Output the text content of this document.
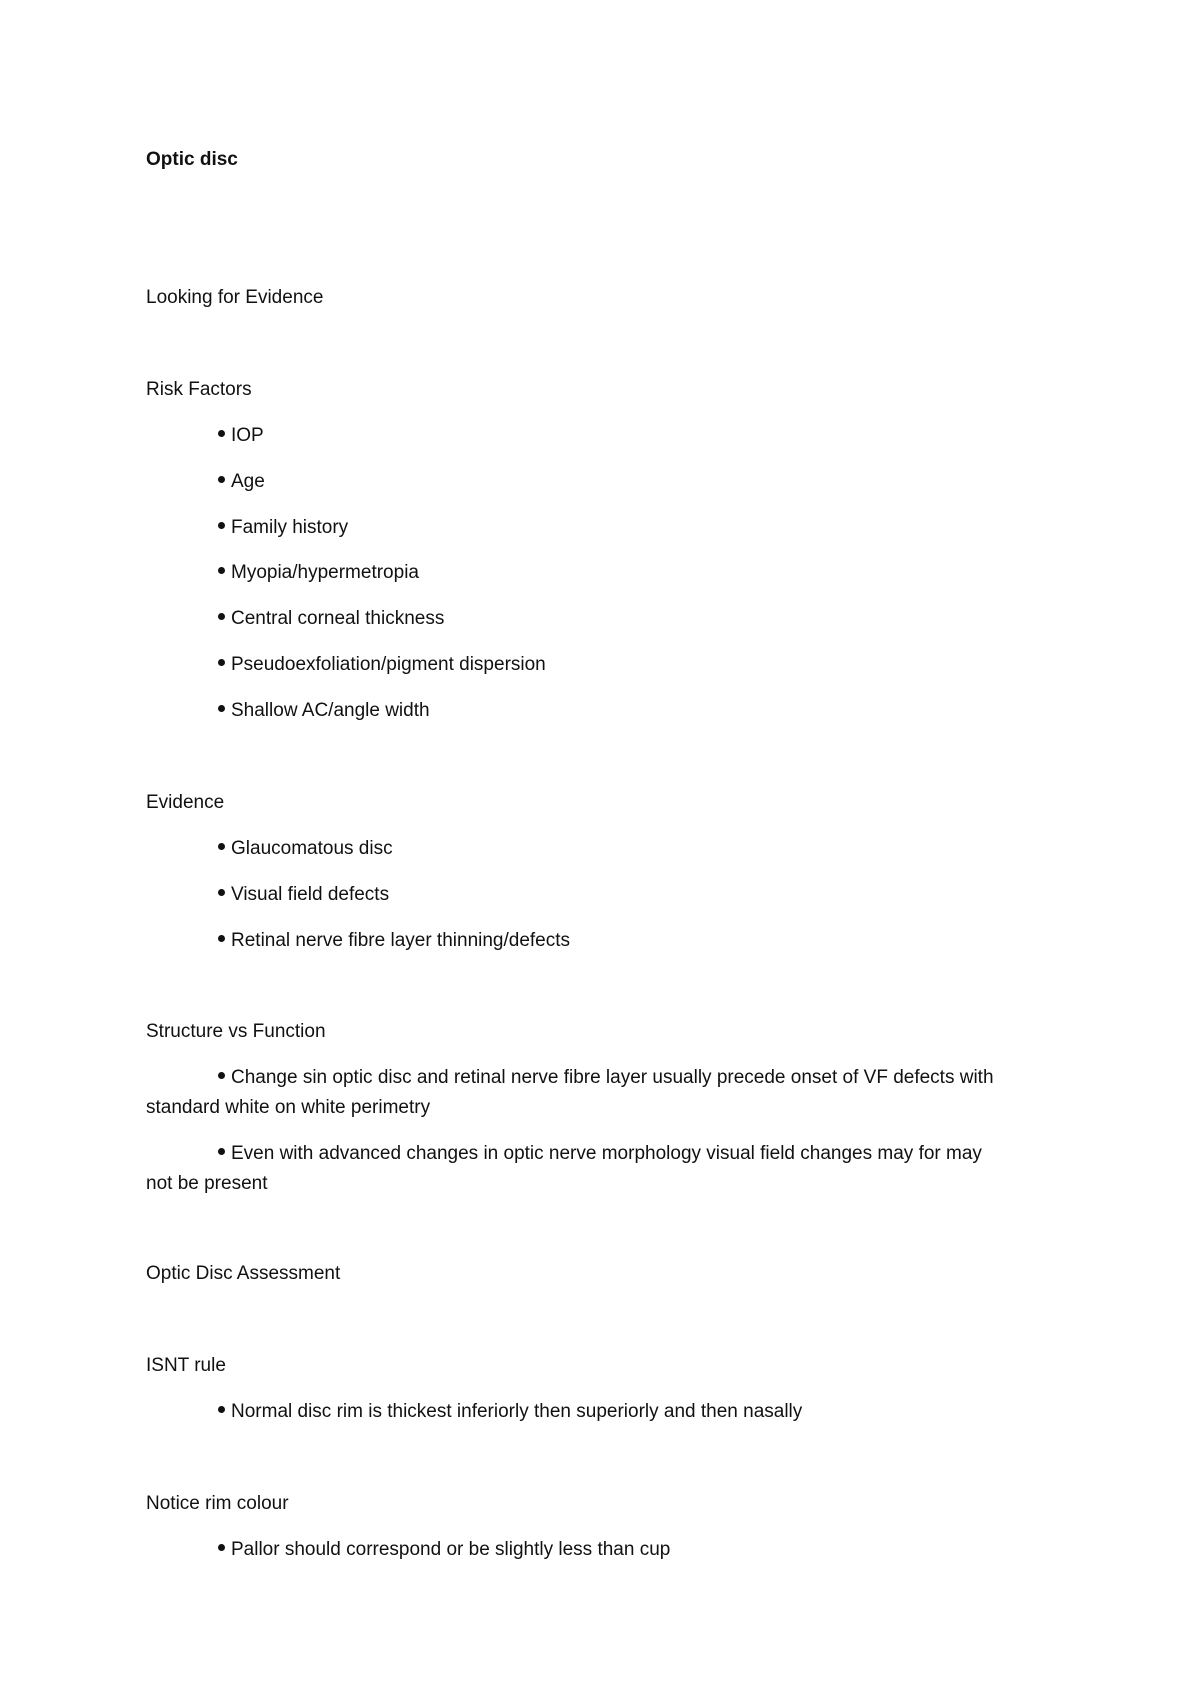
Optic disc
Looking for Evidence
Risk Factors
IOP
Age
Family history
Myopia/hypermetropia
Central corneal thickness
Pseudoexfoliation/pigment dispersion
Shallow AC/angle width
Evidence
Glaucomatous disc
Visual field defects
Retinal nerve fibre layer thinning/defects
Structure vs Function
Change sin optic disc and retinal nerve fibre layer usually precede onset of VF defects with
standard white on white perimetry
Even with advanced changes in optic nerve morphology visual field changes may for may
not be present
Optic Disc Assessment
ISNT rule
Normal disc rim is thickest inferiorly then superiorly and then nasally
Notice rim colour
Pallor should correspond or be slightly less than cup
